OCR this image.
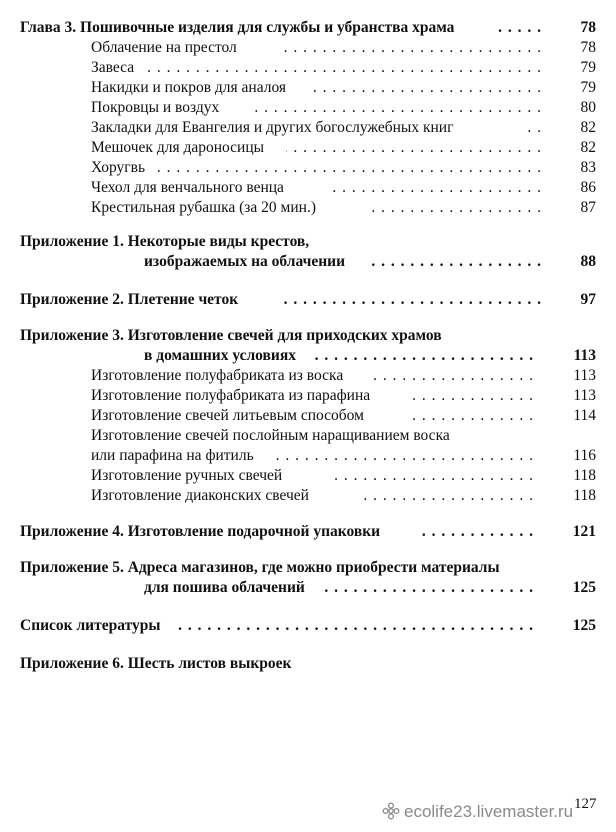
Глава 3. Пошивочные изделия для службы и убранства храма . . .	78
Облачение на престол . . .	78
Завеса . . .	79
Накидки и покров для аналоя . . .	79
Покровцы и воздух . . .	80
Закладки для Евангелия и других богослужебных книг . . .	82
Мешочек для дароносицы . . .	82
Хоругвь . . .	83
Чехол для венчального венца . . .	86
Крестильная рубашка (за 20 мин.) . . .	87
Приложение 1. Некоторые виды крестов,
изображаемых на облачении . . .	88
Приложение 2. Плетение четок . . .	97
Приложение 3. Изготовление свечей для приходских храмов
в домашних условиях . . .	113
Изготовление полуфабриката из воска . . .	113
Изготовление полуфабриката из парафина . . .	113
Изготовление свечей литьевым способом . . .	114
Изготовление свечей послойным наращиванием воска
или парафина на фитиль . . .	116
Изготовление ручных свечей . . .	118
Изготовление диаконских свечей . . .	118
Приложение 4. Изготовление подарочной упаковки . . .	121
Приложение 5. Адреса магазинов, где можно приобрести материалы
для пошива облачений . . .	125
Список литературы . . .	125
Приложение 6. Шесть листов выкроек
127
ecolife23.livemaster.ru
